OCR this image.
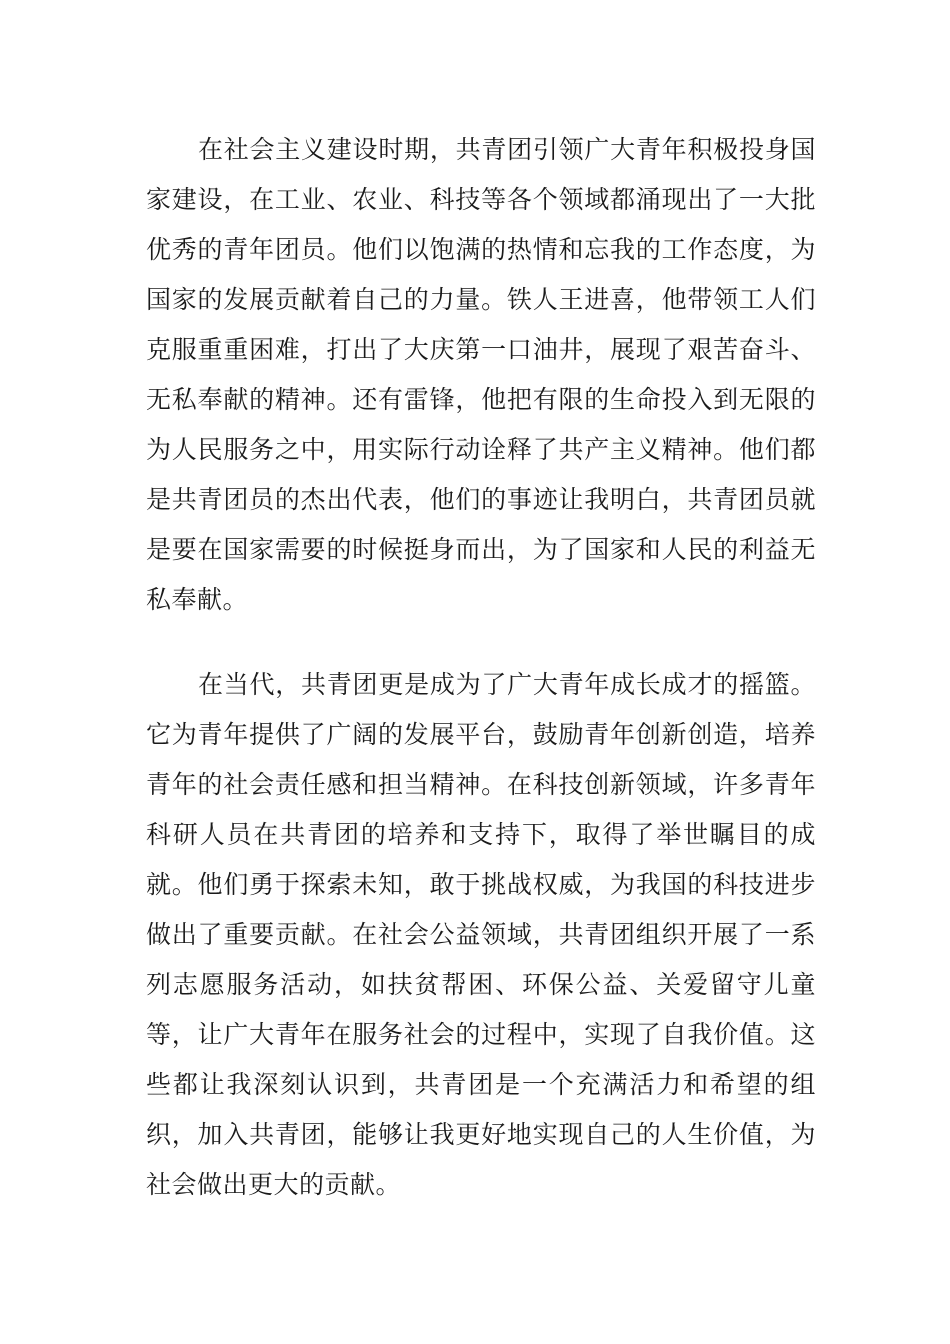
在社会主义建设时期，共青团引领广大青年积极投身国家建设，在工业、农业、科技等各个领域都涌现出了一大批优秀的青年团员。他们以饱满的热情和忘我的工作态度，为国家的发展贡献着自己的力量。铁人王进喜，他带领工人们克服重重困难，打出了大庆第一口油井，展现了艰苦奋斗、无私奉献的精神。还有雷锋，他把有限的生命投入到无限的为人民服务之中，用实际行动诠释了共产主义精神。他们都是共青团员的杰出代表，他们的事迹让我明白，共青团员就是要在国家需要的时候挺身而出，为了国家和人民的利益无私奉献。

在当代，共青团更是成为了广大青年成长成才的摇篮。它为青年提供了广阔的发展平台，鼓励青年创新创造，培养青年的社会责任感和担当精神。在科技创新领域，许多青年科研人员在共青团的培养和支持下，取得了举世瞩目的成就。他们勇于探索未知，敢于挑战权威，为我国的科技进步做出了重要贡献。在社会公益领域，共青团组织开展了一系列志愿服务活动，如扶贫帮困、环保公益、关爱留守儿童等，让广大青年在服务社会的过程中，实现了自我价值。这些都让我深刻认识到，共青团是一个充满活力和希望的组织，加入共青团，能够让我更好地实现自己的人生价值，为社会做出更大的贡献。
